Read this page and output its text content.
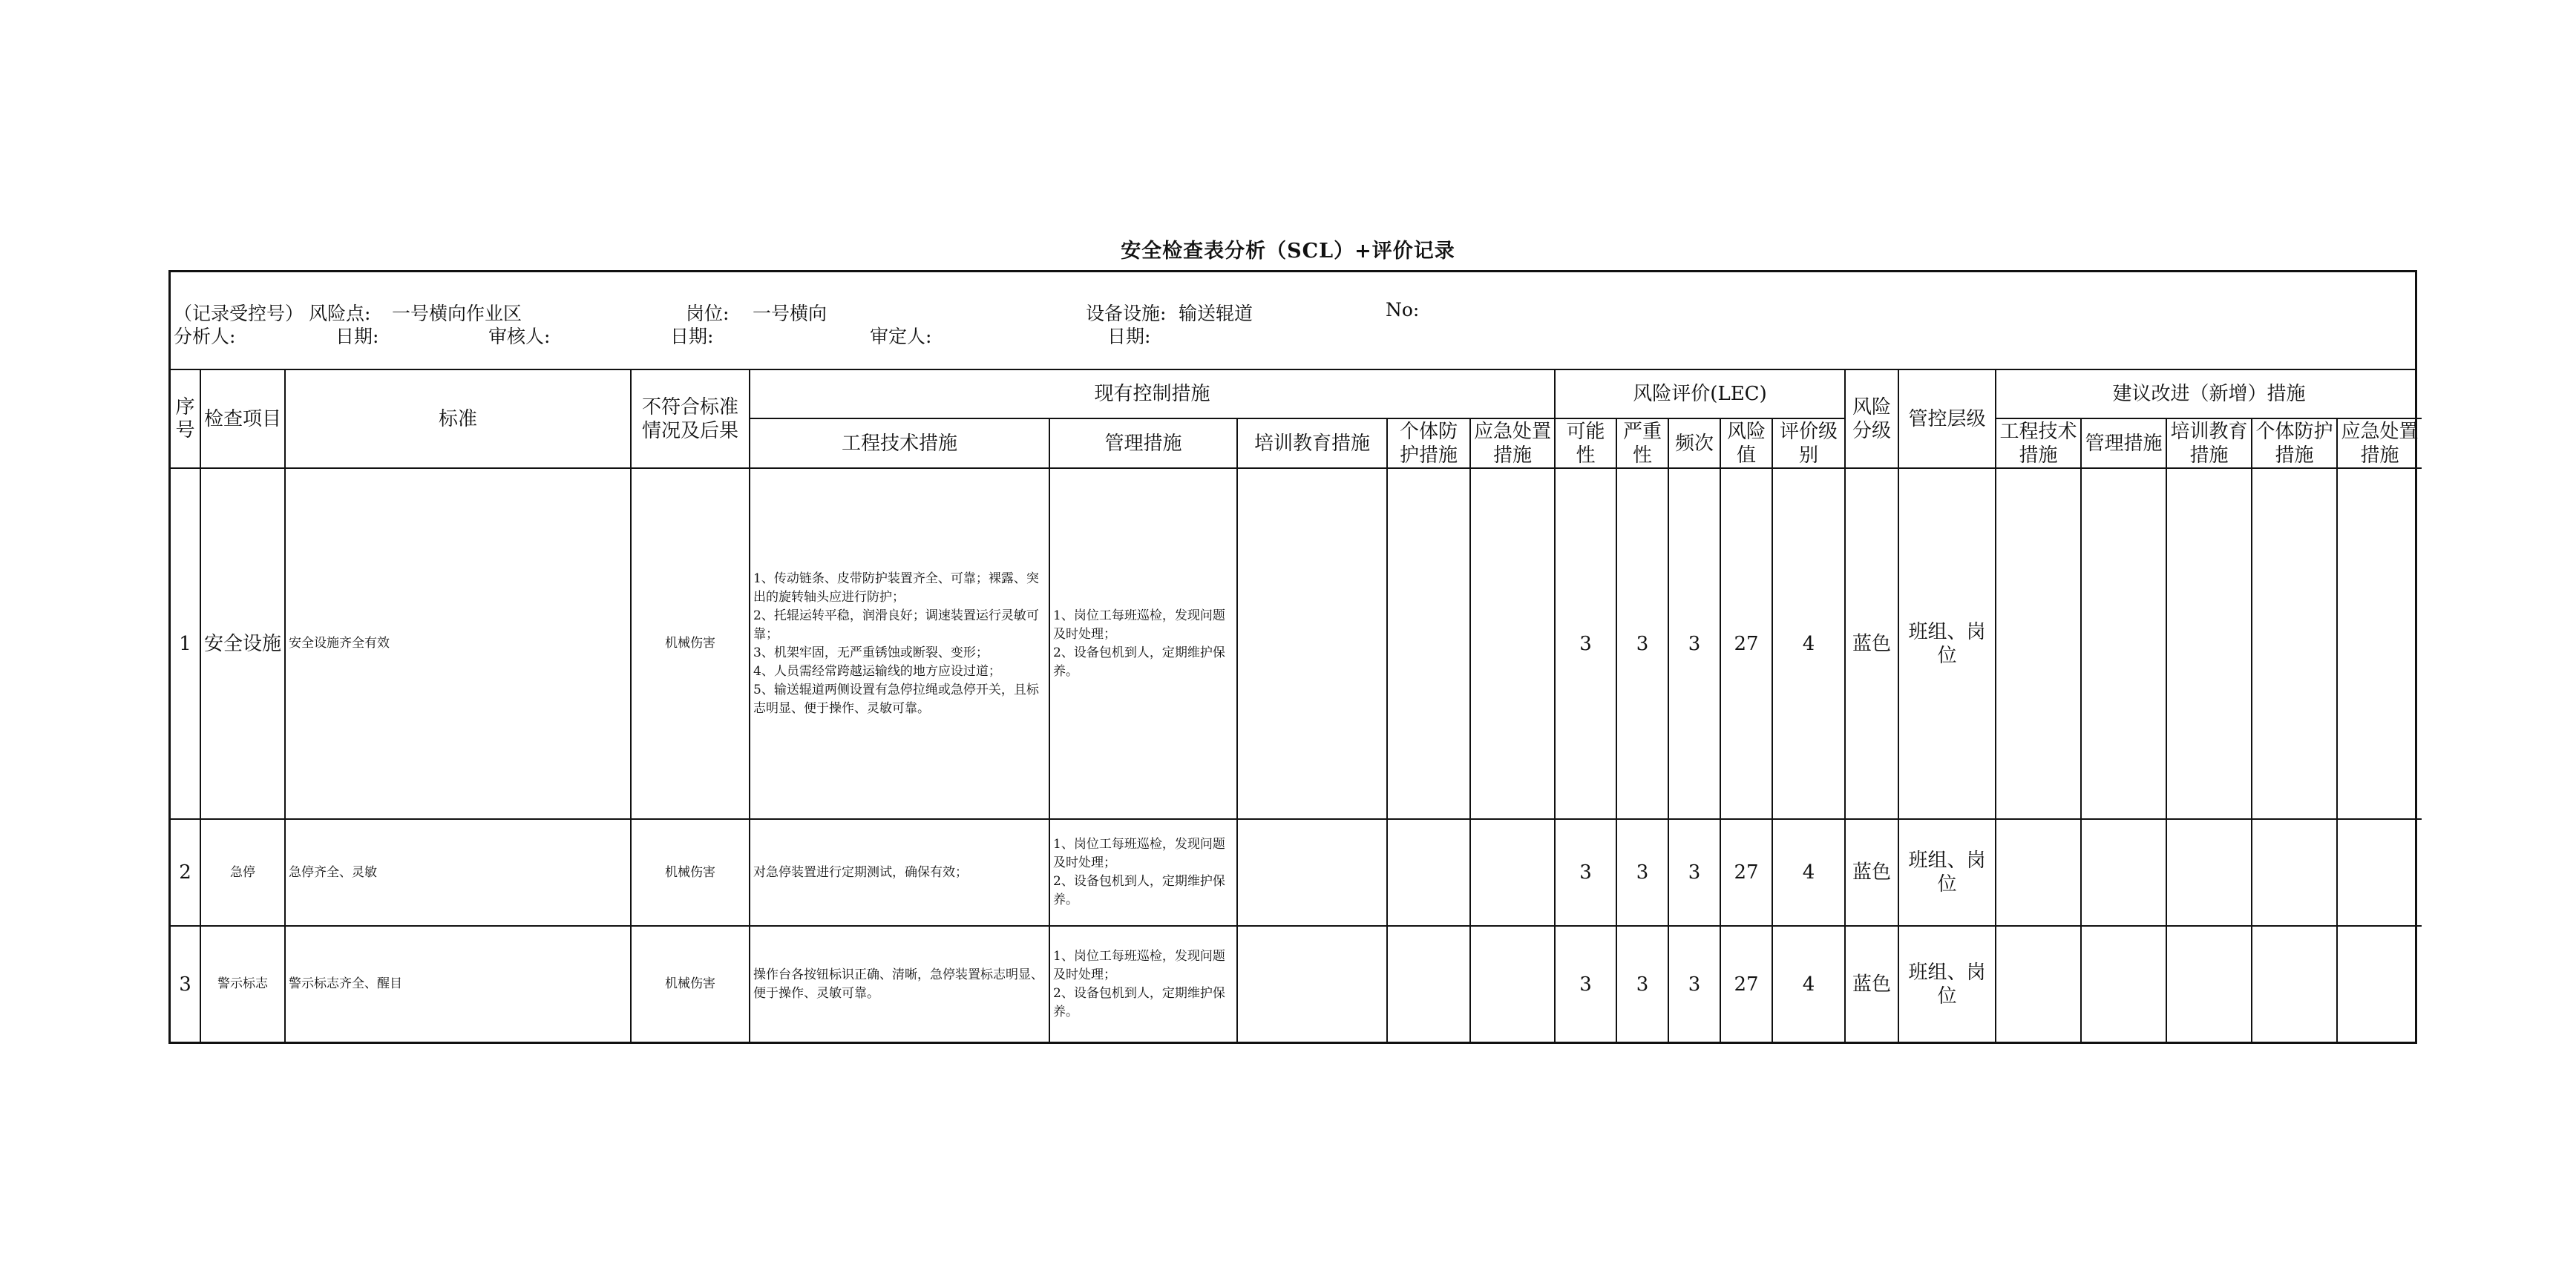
安全检查表分析（SCL）+评价记录
（记录受控号） 风险点: 一号横向作业区	岗位: 一号横向	设备设施: 输送辊道	No:
分析人:	日期:	审核人:	日期:	审定人:	日期:
序号	检查项目	标准	不符合标准情况及后果	现有控制措施					风险评价(LEC)					风险分级	管控层级	建议改进（新增）措施				
				工程技术措施	管理措施	培训教育措施	个体防护措施	应急处置措施	可能性	严重性	频次	风险值	评价级别			工程技术措施	管理措施	培训教育措施	个体防护措施	应急处置措施
1	安全设施	安全设施齐全有效	机械伤害	1、传动链条、皮带防护装置齐全、可靠；裸露、突出的旋转轴头应进行防护；
2、托辊运转平稳，润滑良好；调速装置运行灵敏可靠；
3、机架牢固，无严重锈蚀或断裂、变形；
4、人员需经常跨越运输线的地方应设过道；
5、输送辊道两侧设置有急停拉绳或急停开关，且标志明显、便于操作、灵敏可靠。	1、岗位工每班巡检，发现问题及时处理；
2、设备包机到人，定期维护保养。				3	3	3	27	4	蓝色	班组、岗位					
2	急停	急停齐全、灵敏	机械伤害	对急停装置进行定期测试，确保有效；	1、岗位工每班巡检，发现问题及时处理；
2、设备包机到人，定期维护保养。				3	3	3	27	4	蓝色	班组、岗位					
3	警示标志	警示标志齐全、醒目	机械伤害	操作台各按钮标识正确、清晰，急停装置标志明显、便于操作、灵敏可靠。	1、岗位工每班巡检，发现问题及时处理；
2、设备包机到人，定期维护保养。				3	3	3	27	4	蓝色	班组、岗位					
